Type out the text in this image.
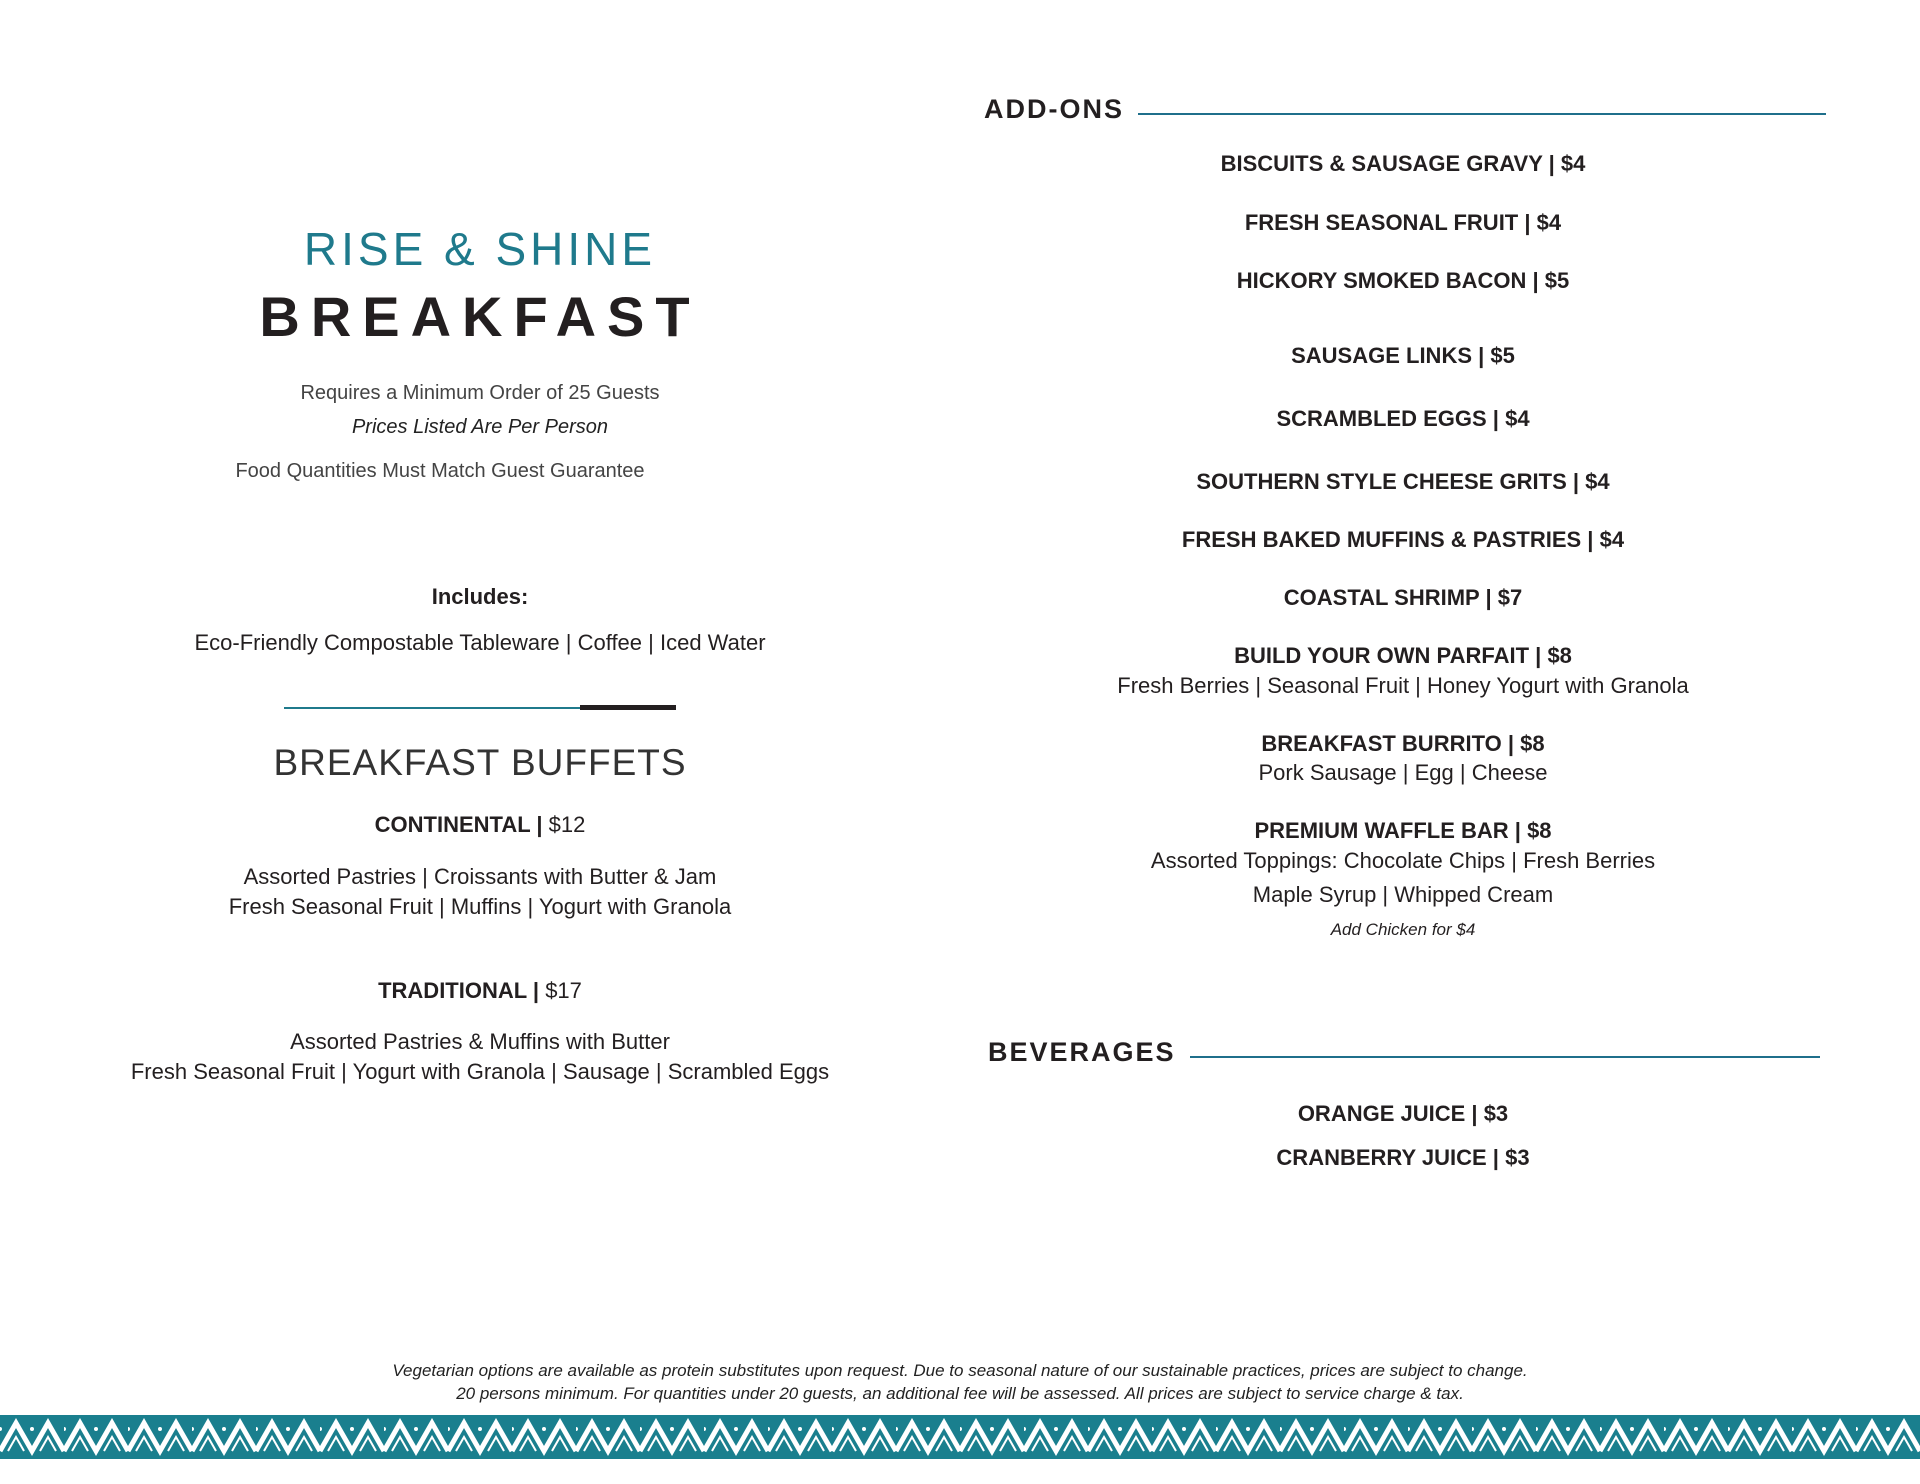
RISE & SHINE
BREAKFAST
Requires a Minimum Order of 25 Guests
Prices Listed Are Per Person
Food Quantities Must Match Guest Guarantee
Includes:
Eco-Friendly Compostable Tableware | Coffee | Iced Water
BREAKFAST BUFFETS
CONTINENTAL | $12
Assorted Pastries | Croissants with Butter & Jam
Fresh Seasonal Fruit | Muffins | Yogurt with Granola
TRADITIONAL | $17
Assorted Pastries & Muffins with Butter
Fresh Seasonal Fruit | Yogurt with Granola | Sausage | Scrambled Eggs
ADD-ONS
BISCUITS & SAUSAGE GRAVY | $4
FRESH SEASONAL FRUIT | $4
HICKORY SMOKED BACON | $5
SAUSAGE LINKS | $5
SCRAMBLED EGGS | $4
SOUTHERN STYLE CHEESE GRITS | $4
FRESH BAKED MUFFINS & PASTRIES | $4
COASTAL SHRIMP | $7
BUILD YOUR OWN PARFAIT | $8
Fresh Berries | Seasonal Fruit | Honey Yogurt with Granola
BREAKFAST BURRITO | $8
Pork Sausage | Egg | Cheese
PREMIUM WAFFLE BAR | $8
Assorted Toppings: Chocolate Chips | Fresh Berries
Maple Syrup | Whipped Cream
Add Chicken for $4
BEVERAGES
ORANGE JUICE | $3
CRANBERRY JUICE | $3
Vegetarian options are available as protein substitutes upon request. Due to seasonal nature of our sustainable practices, prices are subject to change.
20 persons minimum. For quantities under 20 guests, an additional fee will be assessed. All prices are subject to service charge & tax.
